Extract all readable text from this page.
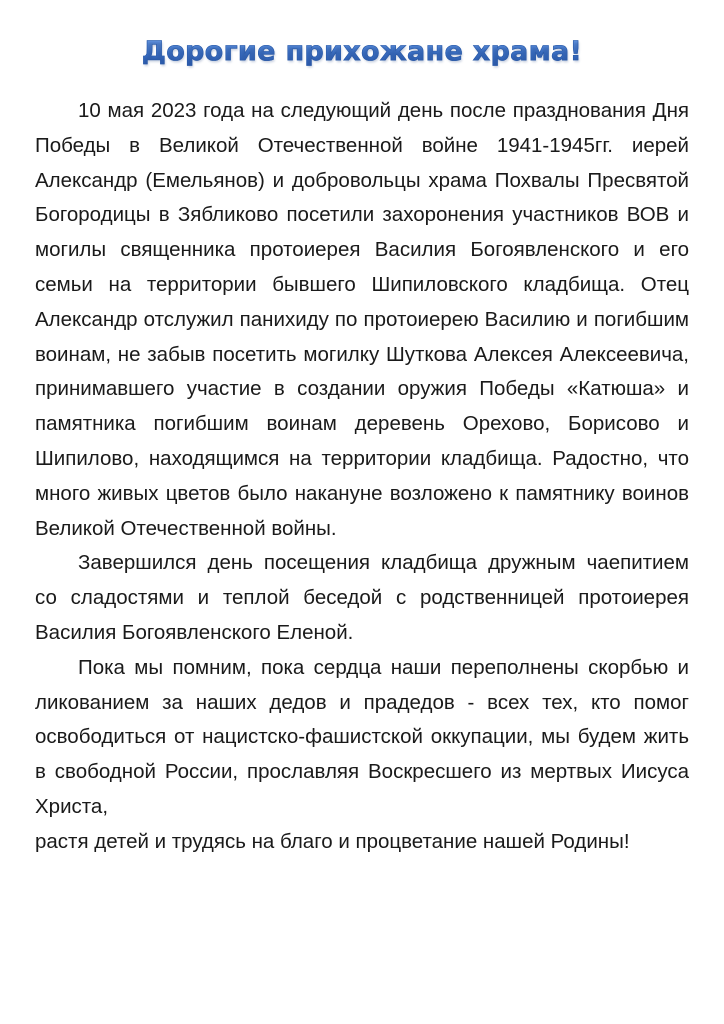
Дорогие прихожане храма!

10 мая 2023 года на следующий день после празднования Дня Победы в Великой Отечественной войне 1941-1945гг. иерей Александр (Емельянов) и добровольцы храма Похвалы Пресвятой Богородицы в Зябликово посетили захоронения участников ВОВ и могилы священника протоиерея Василия Богоявленского и его семьи на территории бывшего Шипиловского кладбища. Отец Александр отслужил панихиду по протоиерею Василию и погибшим воинам, не забыв посетить могилку Шуткова Алексея Алексеевича, принимавшего участие в создании оружия Победы «Катюша» и памятника погибшим воинам деревень Орехово, Борисово и Шипилово, находящимся на территории кладбища. Радостно, что много живых цветов было накануне возложено к памятнику воинов Великой Отечественной войны.

Завершился день посещения кладбища дружным чаепитием со сладостями и теплой беседой с родственницей протоиерея Василия Богоявленского Еленой.

Пока мы помним, пока сердца наши переполнены скорбью и ликованием за наших дедов и прадедов - всех тех, кто помог освободиться от нацистско-фашистской оккупации, мы будем жить в свободной России, прославляя Воскресшего из мертвых Иисуса Христа,

растя детей и трудясь на благо и процветание нашей Родины!
